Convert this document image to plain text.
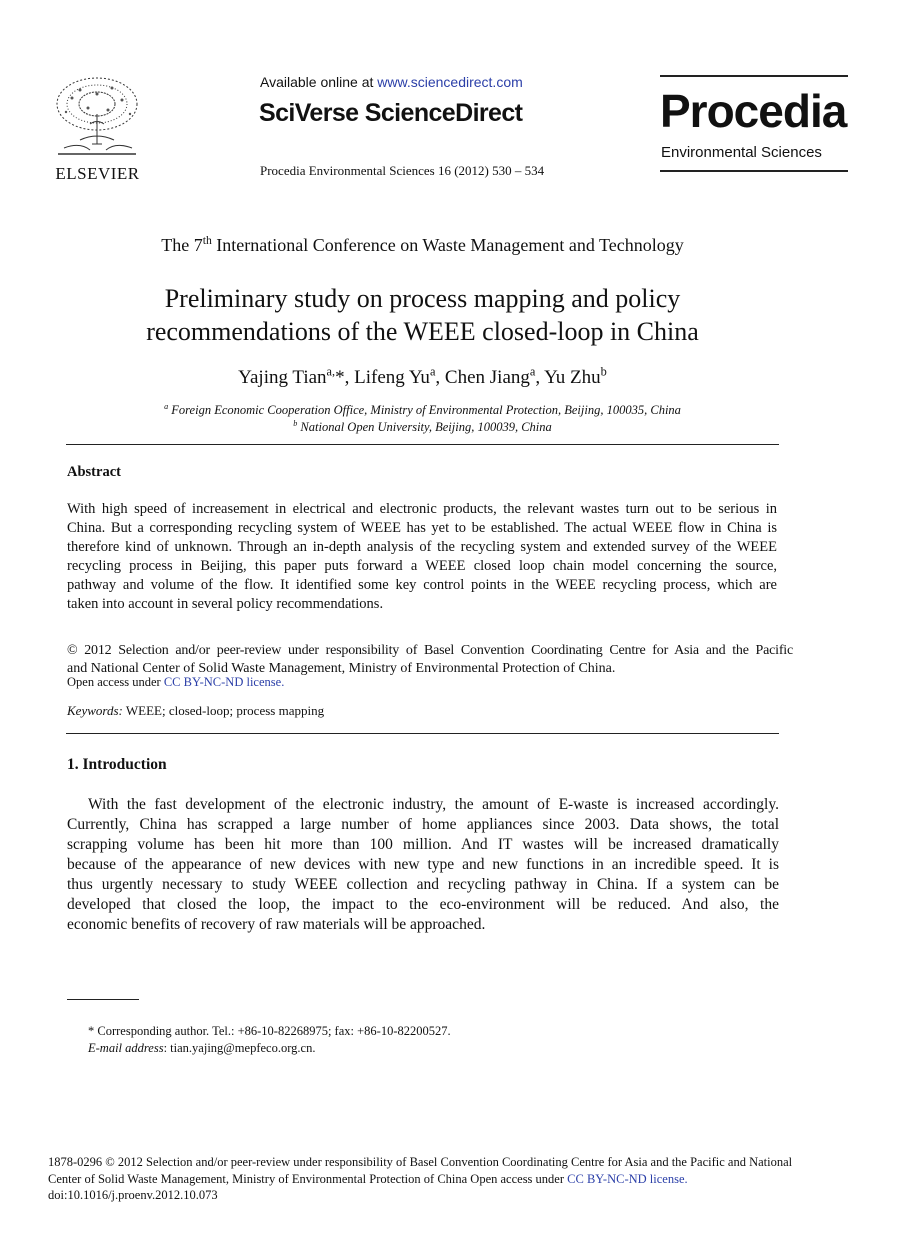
ELSEVIER
Available online at www.sciencedirect.com
SciVerse ScienceDirect
Procedia Environmental Sciences 16 (2012) 530 – 534
Procedia
Environmental Sciences
The 7th International Conference on Waste Management and Technology
Preliminary study on process mapping and policy
recommendations of the WEEE closed-loop in China
Yajing Tian$^{a,}$*, Lifeng Yu$^a$, Chen Jiang$^a$, Yu Zhu$^b$
$^a$ Foreign Economic Cooperation Office, Ministry of Environmental Protection, Beijing, 100035, China
$^b$ National Open University, Beijing, 100039, China
Abstract
With high speed of increasement in electrical and electronic products, the relevant wastes turn out to be serious in
China. But a corresponding recycling system of WEEE has yet to be established. The actual WEEE flow in China is
therefore kind of unknown. Through an in-depth analysis of the recycling system and extended survey of the WEEE
recycling process in Beijing, this paper puts forward a WEEE closed loop chain model concerning the source,
pathway and volume of the flow. It identified some key control points in the WEEE recycling process, which are
taken into account in several policy recommendations.
© 2012 Selection and/or peer-review under responsibility of Basel Convention Coordinating Centre for Asia and the Pacific
and National Center of Solid Waste Management, Ministry of Environmental Protection of China.
Open access under CC BY-NC-ND license.
Keywords: WEEE; closed-loop; process mapping
1. Introduction
With the fast development of the electronic industry, the amount of E-waste is increased accordingly.
Currently, China has scrapped a large number of home appliances since 2003. Data shows, the total
scrapping volume has been hit more than 100 million. And IT wastes will be increased dramatically
because of the appearance of new devices with new type and new functions in an incredible speed. It is
thus urgently necessary to study WEEE collection and recycling pathway in China. If a system can be
developed that closed the loop, the impact to the eco-environment will be reduced. And also, the
economic benefits of recovery of raw materials will be approached.
* Corresponding author. Tel.: +86-10-82268975; fax: +86-10-82200527.
E-mail address: tian.yajing@mepfeco.org.cn.
1878-0296 © 2012 Selection and/or peer-review under responsibility of Basel Convention Coordinating Centre for Asia and the Pacific and National
Center of Solid Waste Management, Ministry of Environmental Protection of China Open access under CC BY-NC-ND license.
doi:10.1016/j.proenv.2012.10.073
